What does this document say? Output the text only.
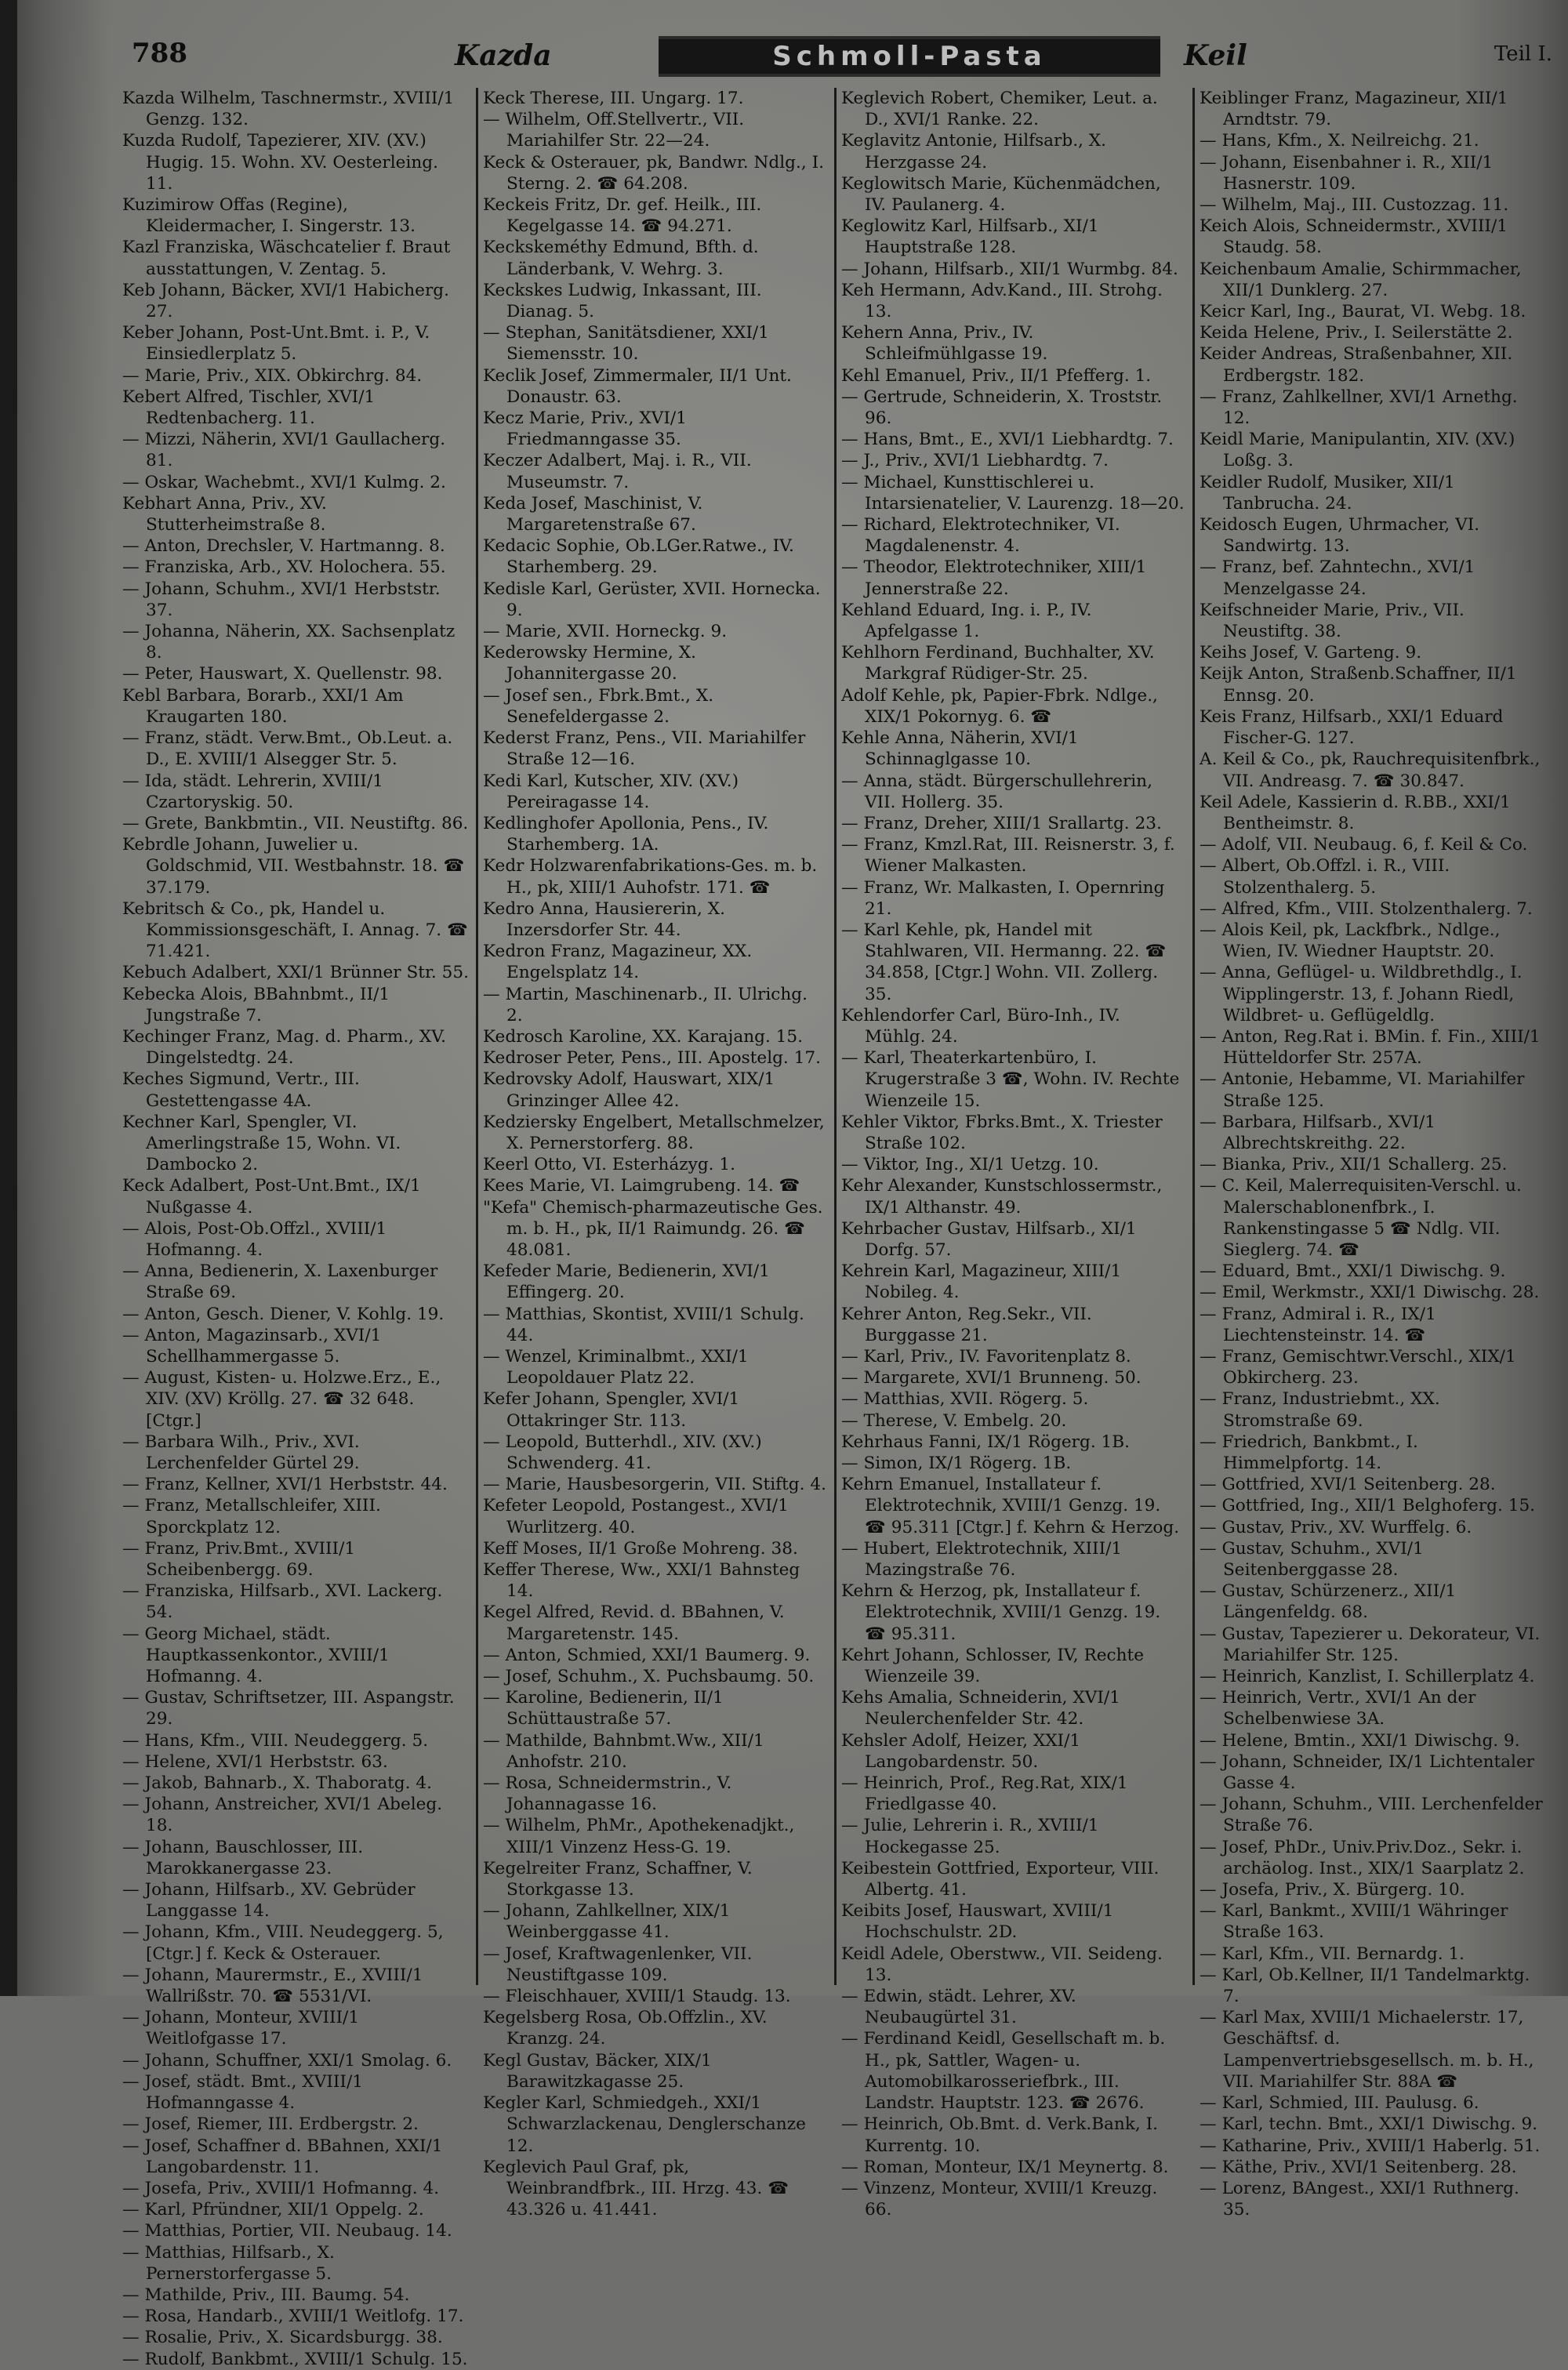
788	Kazda	Schmoll-Pasta	Keil	Teil I.
Kazda Wilhelm, Taschnermstr., XVIII/1 Genzg. 132.
Kuzda Rudolf, Tapezierer, XIV. (XV.) Hugig. 15. Wohn. XV. Oesterleing. 11.
Kuzimirow Offas (Regine), Kleidermacher, I. Singerstr. 13.
Kazl Franziska, Wäschcatelier f. Braut ausstattungen, V. Zentag. 5.
Keb Johann, Bäcker, XVI/1 Habicherg. 27.
Keber Johann, Post-Unt.Bmt. i. P., V. Einsiedlerplatz 5.
— Marie, Priv., XIX. Obkirchrg. 84.
Kebert Alfred, Tischler, XVI/1 Redtenbacherg. 11.
— Mizzi, Näherin, XVI/1 Gaullacherg. 81.
— Oskar, Wachebmt., XVI/1 Kulmg. 2.
Kebhart Anna, Priv., XV. Stutterheimstraße 8.
— Anton, Drechsler, V. Hartmanng. 8.
— Franziska, Arb., XV. Holochera. 55.
— Johann, Schuhm., XVI/1 Herbststr. 37.
— Johanna, Näherin, XX. Sachsenplatz 8.
— Peter, Hauswart, X. Quellenstr. 98.
Kebl Barbara, Borarb., XXI/1 Am Kraugarten 180.
— Franz, städt. Verw.Bmt., Ob.Leut. a. D., E. XVIII/1 Alsegger Str. 5.
— Ida, städt. Lehrerin, XVIII/1 Czartoryskig. 50.
— Grete, Bankbmtin., VII. Neustiftg. 86.
Kebrdle Johann, Juwelier u. Goldschmid, VII. Westbahnstr. 18. ☎ 37.179.
Kebritsch & Co., pk, Handel u. Kommissionsgeschäft, I. Annag. 7. ☎ 71.421.
Kebuch Adalbert, XXI/1 Brünner Str. 55.
Kebecka Alois, BBahnbmt., II/1 Jungstraße 7.
Kechinger Franz, Mag. d. Pharm., XV. Dingelstedtg. 24.
Keches Sigmund, Vertr., III. Gestettengasse 4A.
Kechner Karl, Spengler, VI. Amerlingstraße 15, Wohn. VI. Dambocko 2.
Keck Adalbert, Post-Unt.Bmt., IX/1 Nußgasse 4.
— Alois, Post-Ob.Offzl., XVIII/1 Hofmanng. 4.
— Anna, Bedienerin, X. Laxenburger Straße 69.
— Anton, Gesch. Diener, V. Kohlg. 19.
— Anton, Magazinsarb., XVI/1 Schellhammergasse 5.
— August, Kisten- u. Holzwe.Erz., E., XIV. (XV) Kröllg. 27. ☎ 32 648. [Ctgr.]
— Barbara Wilh., Priv., XVI. Lerchenfelder Gürtel 29.
— Franz, Kellner, XVI/1 Herbststr. 44.
— Franz, Metallschleifer, XIII. Sporckplatz 12.
— Franz, Priv.Bmt., XVIII/1 Scheibenbergg. 69.
— Franziska, Hilfsarb., XVI. Lackerg. 54.
— Georg Michael, städt. Hauptkassenkontor., XVIII/1 Hofmanng. 4.
— Gustav, Schriftsetzer, III. Aspangstr. 29.
— Hans, Kfm., VIII. Neudeggerg. 5.
— Helene, XVI/1 Herbststr. 63.
— Jakob, Bahnarb., X. Thaboratg. 4.
— Johann, Anstreicher, XVI/1 Abeleg. 18.
— Johann, Bauschlosser, III. Marokkanergasse 23.
— Johann, Hilfsarb., XV. Gebrüder Langgasse 14.
— Johann, Kfm., VIII. Neudeggerg. 5, [Ctgr.] f. Keck & Osterauer.
— Johann, Maurermstr., E., XVIII/1 Wallrißstr. 70. ☎ 5531/VI.
— Johann, Monteur, XVIII/1 Weitlofgasse 17.
— Johann, Schuffner, XXI/1 Smolag. 6.
— Josef, städt. Bmt., XVIII/1 Hofmanngasse 4.
— Josef, Riemer, III. Erdbergstr. 2.
— Josef, Schaffner d. BBahnen, XXI/1 Langobardenstr. 11.
— Josefa, Priv., XVIII/1 Hofmanng. 4.
— Karl, Pfründner, XII/1 Oppelg. 2.
— Matthias, Portier, VII. Neubaug. 14.
— Matthias, Hilfsarb., X. Pernerstorfergasse 5.
— Mathilde, Priv., III. Baumg. 54.
— Rosa, Handarb., XVIII/1 Weitlofg. 17.
— Rosalie, Priv., X. Sicardsburgg. 38.
— Rudolf, Bankbmt., XVIII/1 Schulg. 15.
Keck Therese, III. Ungarg. 17.
— Wilhelm, Off.Stellvertr., VII. Mariahilfer Str. 22—24.
Keck & Osterauer, pk, Bandwr. Ndlg., I. Sterng. 2. ☎ 64.208.
Keckeis Fritz, Dr. gef. Heilk., III. Kegelgasse 14. ☎ 94.271.
Keckskeméthy Edmund, Bfth. d. Länderbank, V. Wehrg. 3.
Keckskes Ludwig, Inkassant, III. Dianag. 5.
— Stephan, Sanitätsdiener, XXI/1 Siemensstr. 10.
Keclik Josef, Zimmermaler, II/1 Unt. Donaustr. 63.
Kecz Marie, Priv., XVI/1 Friedmanngasse 35.
Keczer Adalbert, Maj. i. R., VII. Museumstr. 7.
Keda Josef, Maschinist, V. Margaretenstraße 67.
Kedacic Sophie, Ob.LGer.Ratwe., IV. Starhemberg. 29.
Kedisle Karl, Gerüster, XVII. Hornecka. 9.
— Marie, XVII. Horneckg. 9.
Kederowsky Hermine, X. Johannitergasse 20.
— Josef sen., Fbrk.Bmt., X. Senefeldergasse 2.
Kederst Franz, Pens., VII. Mariahilfer Straße 12—16.
Kedi Karl, Kutscher, XIV. (XV.) Pereiragasse 14.
Kedlinghofer Apollonia, Pens., IV. Starhemberg. 1A.
Kedr Holzwarenfabrikations-Ges. m. b. H., pk, XIII/1 Auhofstr. 171. ☎
Kedro Anna, Hausiererin, X. Inzersdorfer Str. 44.
Kedron Franz, Magazineur, XX. Engelsplatz 14.
— Martin, Maschinenarb., II. Ulrichg. 2.
Kedrosch Karoline, XX. Karajang. 15.
Kedroser Peter, Pens., III. Apostelg. 17.
Kedrovsky Adolf, Hauswart, XIX/1 Grinzinger Allee 42.
Kedziersky Engelbert, Metallschmelzer, X. Pernerstorferg. 88.
Keerl Otto, VI. Esterházyg. 1.
Kees Marie, VI. Laimgrubeng. 14. ☎
"Kefa" Chemisch-pharmazeutische Ges. m. b. H., pk, II/1 Raimundg. 26. ☎ 48.081.
Kefeder Marie, Bedienerin, XVI/1 Effingerg. 20.
— Matthias, Skontist, XVIII/1 Schulg. 44.
— Wenzel, Kriminalbmt., XXI/1 Leopoldauer Platz 22.
Kefer Johann, Spengler, XVI/1 Ottakringer Str. 113.
— Leopold, Butterhdl., XIV. (XV.) Schwenderg. 41.
— Marie, Hausbesorgerin, VII. Stiftg. 4.
Kefeter Leopold, Postangest., XVI/1 Wurlitzerg. 40.
Keff Moses, II/1 Große Mohreng. 38.
Keffer Therese, Ww., XXI/1 Bahnsteg 14.
Kegel Alfred, Revid. d. BBahnen, V. Margaretenstr. 145.
— Anton, Schmied, XXI/1 Baumerg. 9.
— Josef, Schuhm., X. Puchsbaumg. 50.
— Karoline, Bedienerin, II/1 Schüttaustraße 57.
— Mathilde, Bahnbmt.Ww., XII/1 Anhofstr. 210.
— Rosa, Schneidermstrin., V. Johannagasse 16.
— Wilhelm, PhMr., Apothekenadjkt., XIII/1 Vinzenz Hess-G. 19.
Kegelreiter Franz, Schaffner, V. Storkgasse 13.
— Johann, Zahlkellner, XIX/1 Weinberggasse 41.
— Josef, Kraftwagenlenker, VII. Neustiftgasse 109.
— Fleischhauer, XVIII/1 Staudg. 13.
Kegelsberg Rosa, Ob.Offzlin., XV. Kranzg. 24.
Kegl Gustav, Bäcker, XIX/1 Barawitzkagasse 25.
Kegler Karl, Schmiedgeh., XXI/1 Schwarzlackenau, Denglerschanze 12.
Keglevich Paul Graf, pk, Weinbrandfbrk., III. Hrzg. 43. ☎ 43.326 u. 41.441.
Keglevich Robert, Chemiker, Leut. a. D., XVI/1 Ranke. 22.
Keglavitz Antonie, Hilfsarb., X. Herzgasse 24.
Keglowitsch Marie, Küchenmädchen, IV. Paulanerg. 4.
Keglowitz Karl, Hilfsarb., XI/1 Hauptstraße 128.
— Johann, Hilfsarb., XII/1 Wurmbg. 84.
Keh Hermann, Adv.Kand., III. Strohg. 13.
Kehern Anna, Priv., IV. Schleifmühlgasse 19.
Kehl Emanuel, Priv., II/1 Pfefferg. 1.
— Gertrude, Schneiderin, X. Troststr. 96.
— Hans, Bmt., E., XVI/1 Liebhardtg. 7.
— J., Priv., XVI/1 Liebhardtg. 7.
— Michael, Kunsttischlerei u. Intarsienatelier, V. Laurenzg. 18—20.
— Richard, Elektrotechniker, VI. Magdalenenstr. 4.
— Theodor, Elektrotechniker, XIII/1 Jennerstraße 22.
Kehland Eduard, Ing. i. P., IV. Apfelgasse 1.
Kehlhorn Ferdinand, Buchhalter, XV. Markgraf Rüdiger-Str. 25.
Adolf Kehle, pk, Papier-Fbrk. Ndlge., XIX/1 Pokornyg. 6. ☎
Kehle Anna, Näherin, XVI/1 Schinnaglgasse 10.
— Anna, städt. Bürgerschullehrerin, VII. Hollerg. 35.
— Franz, Dreher, XIII/1 Srallartg. 23.
— Franz, Kmzl.Rat, III. Reisnerstr. 3, f. Wiener Malkasten.
— Franz, Wr. Malkasten, I. Opernring 21.
— Karl Kehle, pk, Handel mit Stahlwaren, VII. Hermanng. 22. ☎ 34.858, [Ctgr.] Wohn. VII. Zollerg. 35.
Kehlendorfer Carl, Büro-Inh., IV. Mühlg. 24.
— Karl, Theaterkartenbüro, I. Krugerstraße 3 ☎, Wohn. IV. Rechte Wienzeile 15.
Kehler Viktor, Fbrks.Bmt., X. Triester Straße 102.
— Viktor, Ing., XI/1 Uetzg. 10.
Kehr Alexander, Kunstschlossermstr., IX/1 Althanstr. 49.
Kehrbacher Gustav, Hilfsarb., XI/1 Dorfg. 57.
Kehrein Karl, Magazineur, XIII/1 Nobileg. 4.
Kehrer Anton, Reg.Sekr., VII. Burggasse 21.
— Karl, Priv., IV. Favoritenplatz 8.
— Margarete, XVI/1 Brunneng. 50.
— Matthias, XVII. Rögerg. 5.
— Therese, V. Embelg. 20.
Kehrhaus Fanni, IX/1 Rögerg. 1B.
— Simon, IX/1 Rögerg. 1B.
Kehrn Emanuel, Installateur f. Elektrotechnik, XVIII/1 Genzg. 19. ☎ 95.311 [Ctgr.] f. Kehrn & Herzog.
— Hubert, Elektrotechnik, XIII/1 Mazingstraße 76.
Kehrn & Herzog, pk, Installateur f. Elektrotechnik, XVIII/1 Genzg. 19. ☎ 95.311.
Kehrt Johann, Schlosser, IV, Rechte Wienzeile 39.
Kehs Amalia, Schneiderin, XVI/1 Neulerchenfelder Str. 42.
Kehsler Adolf, Heizer, XXI/1 Langobardenstr. 50.
— Heinrich, Prof., Reg.Rat, XIX/1 Friedlgasse 40.
— Julie, Lehrerin i. R., XVIII/1 Hockegasse 25.
Keibestein Gottfried, Exporteur, VIII. Albertg. 41.
Keibits Josef, Hauswart, XVIII/1 Hochschulstr. 2D.
Keidl Adele, Oberstww., VII. Seideng. 13.
— Edwin, städt. Lehrer, XV. Neubaugürtel 31.
— Ferdinand Keidl, Gesellschaft m. b. H., pk, Sattler, Wagen- u. Automobilkarosseriefbrk., III. Landstr. Hauptstr. 123. ☎ 2676.
— Heinrich, Ob.Bmt. d. Verk.Bank, I. Kurrentg. 10.
— Roman, Monteur, IX/1 Meynertg. 8.
— Vinzenz, Monteur, XVIII/1 Kreuzg. 66.
Keiblinger Franz, Magazineur, XII/1 Arndtstr. 79.
— Hans, Kfm., X. Neilreichg. 21.
— Johann, Eisenbahner i. R., XII/1 Hasnerstr. 109.
— Wilhelm, Maj., III. Custozzag. 11.
Keich Alois, Schneidermstr., XVIII/1 Staudg. 58.
Keichenbaum Amalie, Schirmmacher, XII/1 Dunklerg. 27.
Keicr Karl, Ing., Baurat, VI. Webg. 18.
Keida Helene, Priv., I. Seilerstätte 2.
Keider Andreas, Straßenbahner, XII. Erdbergstr. 182.
— Franz, Zahlkellner, XVI/1 Arnethg. 12.
Keidl Marie, Manipulantin, XIV. (XV.) Loßg. 3.
Keidler Rudolf, Musiker, XII/1 Tanbrucha. 24.
Keidosch Eugen, Uhrmacher, VI. Sandwirtg. 13.
— Franz, bef. Zahntechn., XVI/1 Menzelgasse 24.
Keifschneider Marie, Priv., VII. Neustiftg. 38.
Keihs Josef, V. Garteng. 9.
Keijk Anton, Straßenb.Schaffner, II/1 Ennsg. 20.
Keis Franz, Hilfsarb., XXI/1 Eduard Fischer-G. 127.
A. Keil & Co., pk, Rauchrequisitenfbrk., VII. Andreasg. 7. ☎ 30.847.
Keil Adele, Kassierin d. R.BB., XXI/1 Bentheimstr. 8.
— Adolf, VII. Neubaug. 6, f. Keil & Co.
— Albert, Ob.Offzl. i. R., VIII. Stolzenthalerg. 5.
— Alfred, Kfm., VIII. Stolzenthalerg. 7.
— Alois Keil, pk, Lackfbrk., Ndlge., Wien, IV. Wiedner Hauptstr. 20.
— Anna, Geflügel- u. Wildbrethdlg., I. Wipplingerstr. 13, f. Johann Riedl, Wildbret- u. Geflügeldlg.
— Anton, Reg.Rat i. BMin. f. Fin., XIII/1 Hütteldorfer Str. 257A.
— Antonie, Hebamme, VI. Mariahilfer Straße 125.
— Barbara, Hilfsarb., XVI/1 Albrechtskreithg. 22.
— Bianka, Priv., XII/1 Schallerg. 25.
— C. Keil, Malerrequisiten-Verschl. u. Malerschablonenfbrk., I. Rankenstingasse 5 ☎ Ndlg. VII. Sieglerg. 74. ☎
— Eduard, Bmt., XXI/1 Diwischg. 9.
— Emil, Werkmstr., XXI/1 Diwischg. 28.
— Franz, Admiral i. R., IX/1 Liechtensteinstr. 14. ☎
— Franz, Gemischtwr.Verschl., XIX/1 Obkircherg. 23.
— Franz, Industriebmt., XX. Stromstraße 69.
— Friedrich, Bankbmt., I. Himmelpfortg. 14.
— Gottfried, XVI/1 Seitenberg. 28.
— Gottfried, Ing., XII/1 Belghoferg. 15.
— Gustav, Priv., XV. Wurffelg. 6.
— Gustav, Schuhm., XVI/1 Seitenberggasse 28.
— Gustav, Schürzenerz., XII/1 Längenfeldg. 68.
— Gustav, Tapezierer u. Dekorateur, VI. Mariahilfer Str. 125.
— Heinrich, Kanzlist, I. Schillerplatz 4.
— Heinrich, Vertr., XVI/1 An der Schelbenwiese 3A.
— Helene, Bmtin., XXI/1 Diwischg. 9.
— Johann, Schneider, IX/1 Lichtentaler Gasse 4.
— Johann, Schuhm., VIII. Lerchenfelder Straße 76.
— Josef, PhDr., Univ.Priv.Doz., Sekr. i. archäolog. Inst., XIX/1 Saarplatz 2.
— Josefa, Priv., X. Bürgerg. 10.
— Karl, Bankmt., XVIII/1 Währinger Straße 163.
— Karl, Kfm., VII. Bernardg. 1.
— Karl, Ob.Kellner, II/1 Tandelmarktg. 7.
— Karl Max, XVIII/1 Michaelerstr. 17, Geschäftsf. d. Lampenvertriebsgesellsch. m. b. H., VII. Mariahilfer Str. 88A ☎
— Karl, Schmied, III. Paulusg. 6.
— Karl, techn. Bmt., XXI/1 Diwischg. 9.
— Katharine, Priv., XVIII/1 Haberlg. 51.
— Käthe, Priv., XVI/1 Seitenberg. 28.
— Lorenz, BAngest., XXI/1 Ruthnerg. 35.
